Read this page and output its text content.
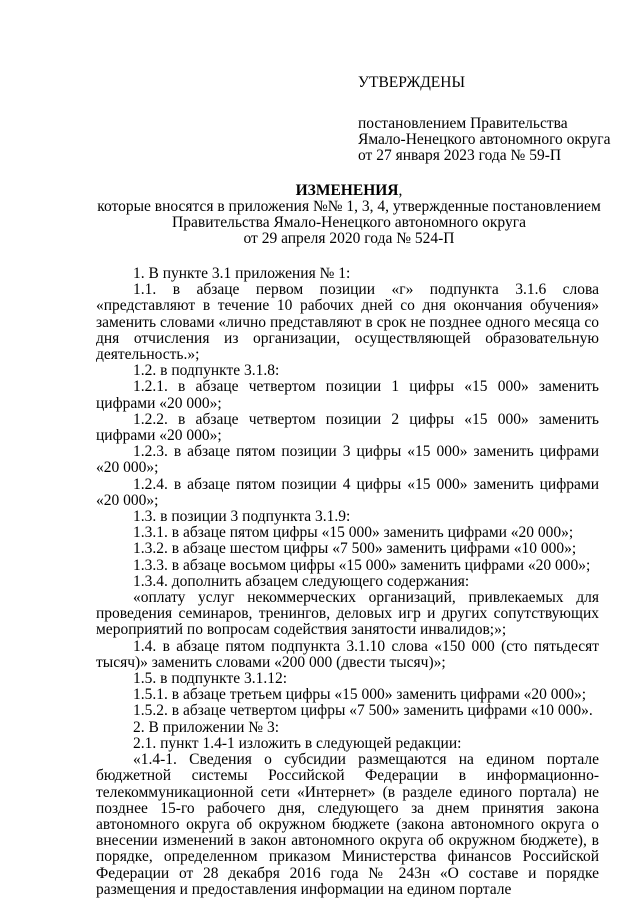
УТВЕРЖДЕНЫ
постановлением Правительства
Ямало-Ненецкого автономного округа
от 27 января 2023 года № 59-П
ИЗМЕНЕНИЯ,
которые вносятся в приложения №№ 1, 3, 4, утвержденные постановлением
Правительства Ямало-Ненецкого автономного округа
от 29 апреля 2020 года № 524-П

1. В пункте 3.1 приложения № 1:

1.1. в абзаце первом позиции «г» подпункта 3.1.6 слова «представляют в течение 10 рабочих дней со дня окончания обучения» заменить словами «лично представляют в срок не позднее одного месяца со дня отчисления из организации, осуществляющей образовательную деятельность.»;

1.2. в подпункте 3.1.8:

1.2.1. в абзаце четвертом позиции 1 цифры «15 000» заменить цифрами «20 000»;

1.2.2. в абзаце четвертом позиции 2 цифры «15 000» заменить цифрами «20 000»;

1.2.3. в абзаце пятом позиции 3 цифры «15 000» заменить цифрами «20 000»;

1.2.4. в абзаце пятом позиции 4 цифры «15 000» заменить цифрами «20 000»;

1.3. в позиции 3 подпункта 3.1.9:

1.3.1. в абзаце пятом цифры «15 000» заменить цифрами «20 000»;

1.3.2. в абзаце шестом цифры «7 500» заменить цифрами «10 000»;

1.3.3. в абзаце восьмом цифры «15 000» заменить цифрами «20 000»;

1.3.4. дополнить абзацем следующего содержания:

«оплату услуг некоммерческих организаций, привлекаемых для проведения семинаров, тренингов, деловых игр и других сопутствующих мероприятий по вопросам содействия занятости инвалидов;»;

1.4. в абзаце пятом подпункта 3.1.10 слова «150 000 (сто пятьдесят тысяч)» заменить словами «200 000 (двести тысяч)»;

1.5. в подпункте 3.1.12:

1.5.1. в абзаце третьем цифры «15 000» заменить цифрами «20 000»;

1.5.2. в абзаце четвертом цифры «7 500» заменить цифрами «10 000».

2. В приложении № 3:

2.1. пункт 1.4-1 изложить в следующей редакции:

«1.4-1. Сведения о субсидии размещаются на едином портале бюджетной системы Российской Федерации в информационно-телекоммуникационной сети «Интернет» (в разделе единого портала) не позднее 15-го рабочего дня, следующего за днем принятия закона автономного округа об окружном бюджете (закона автономного округа о внесении изменений в закон автономного округа об окружном бюджете), в порядке, определенном приказом Министерства финансов Российской Федерации от 28 декабря 2016 года № 243н «О составе и порядке размещения и предоставления информации на едином портале
